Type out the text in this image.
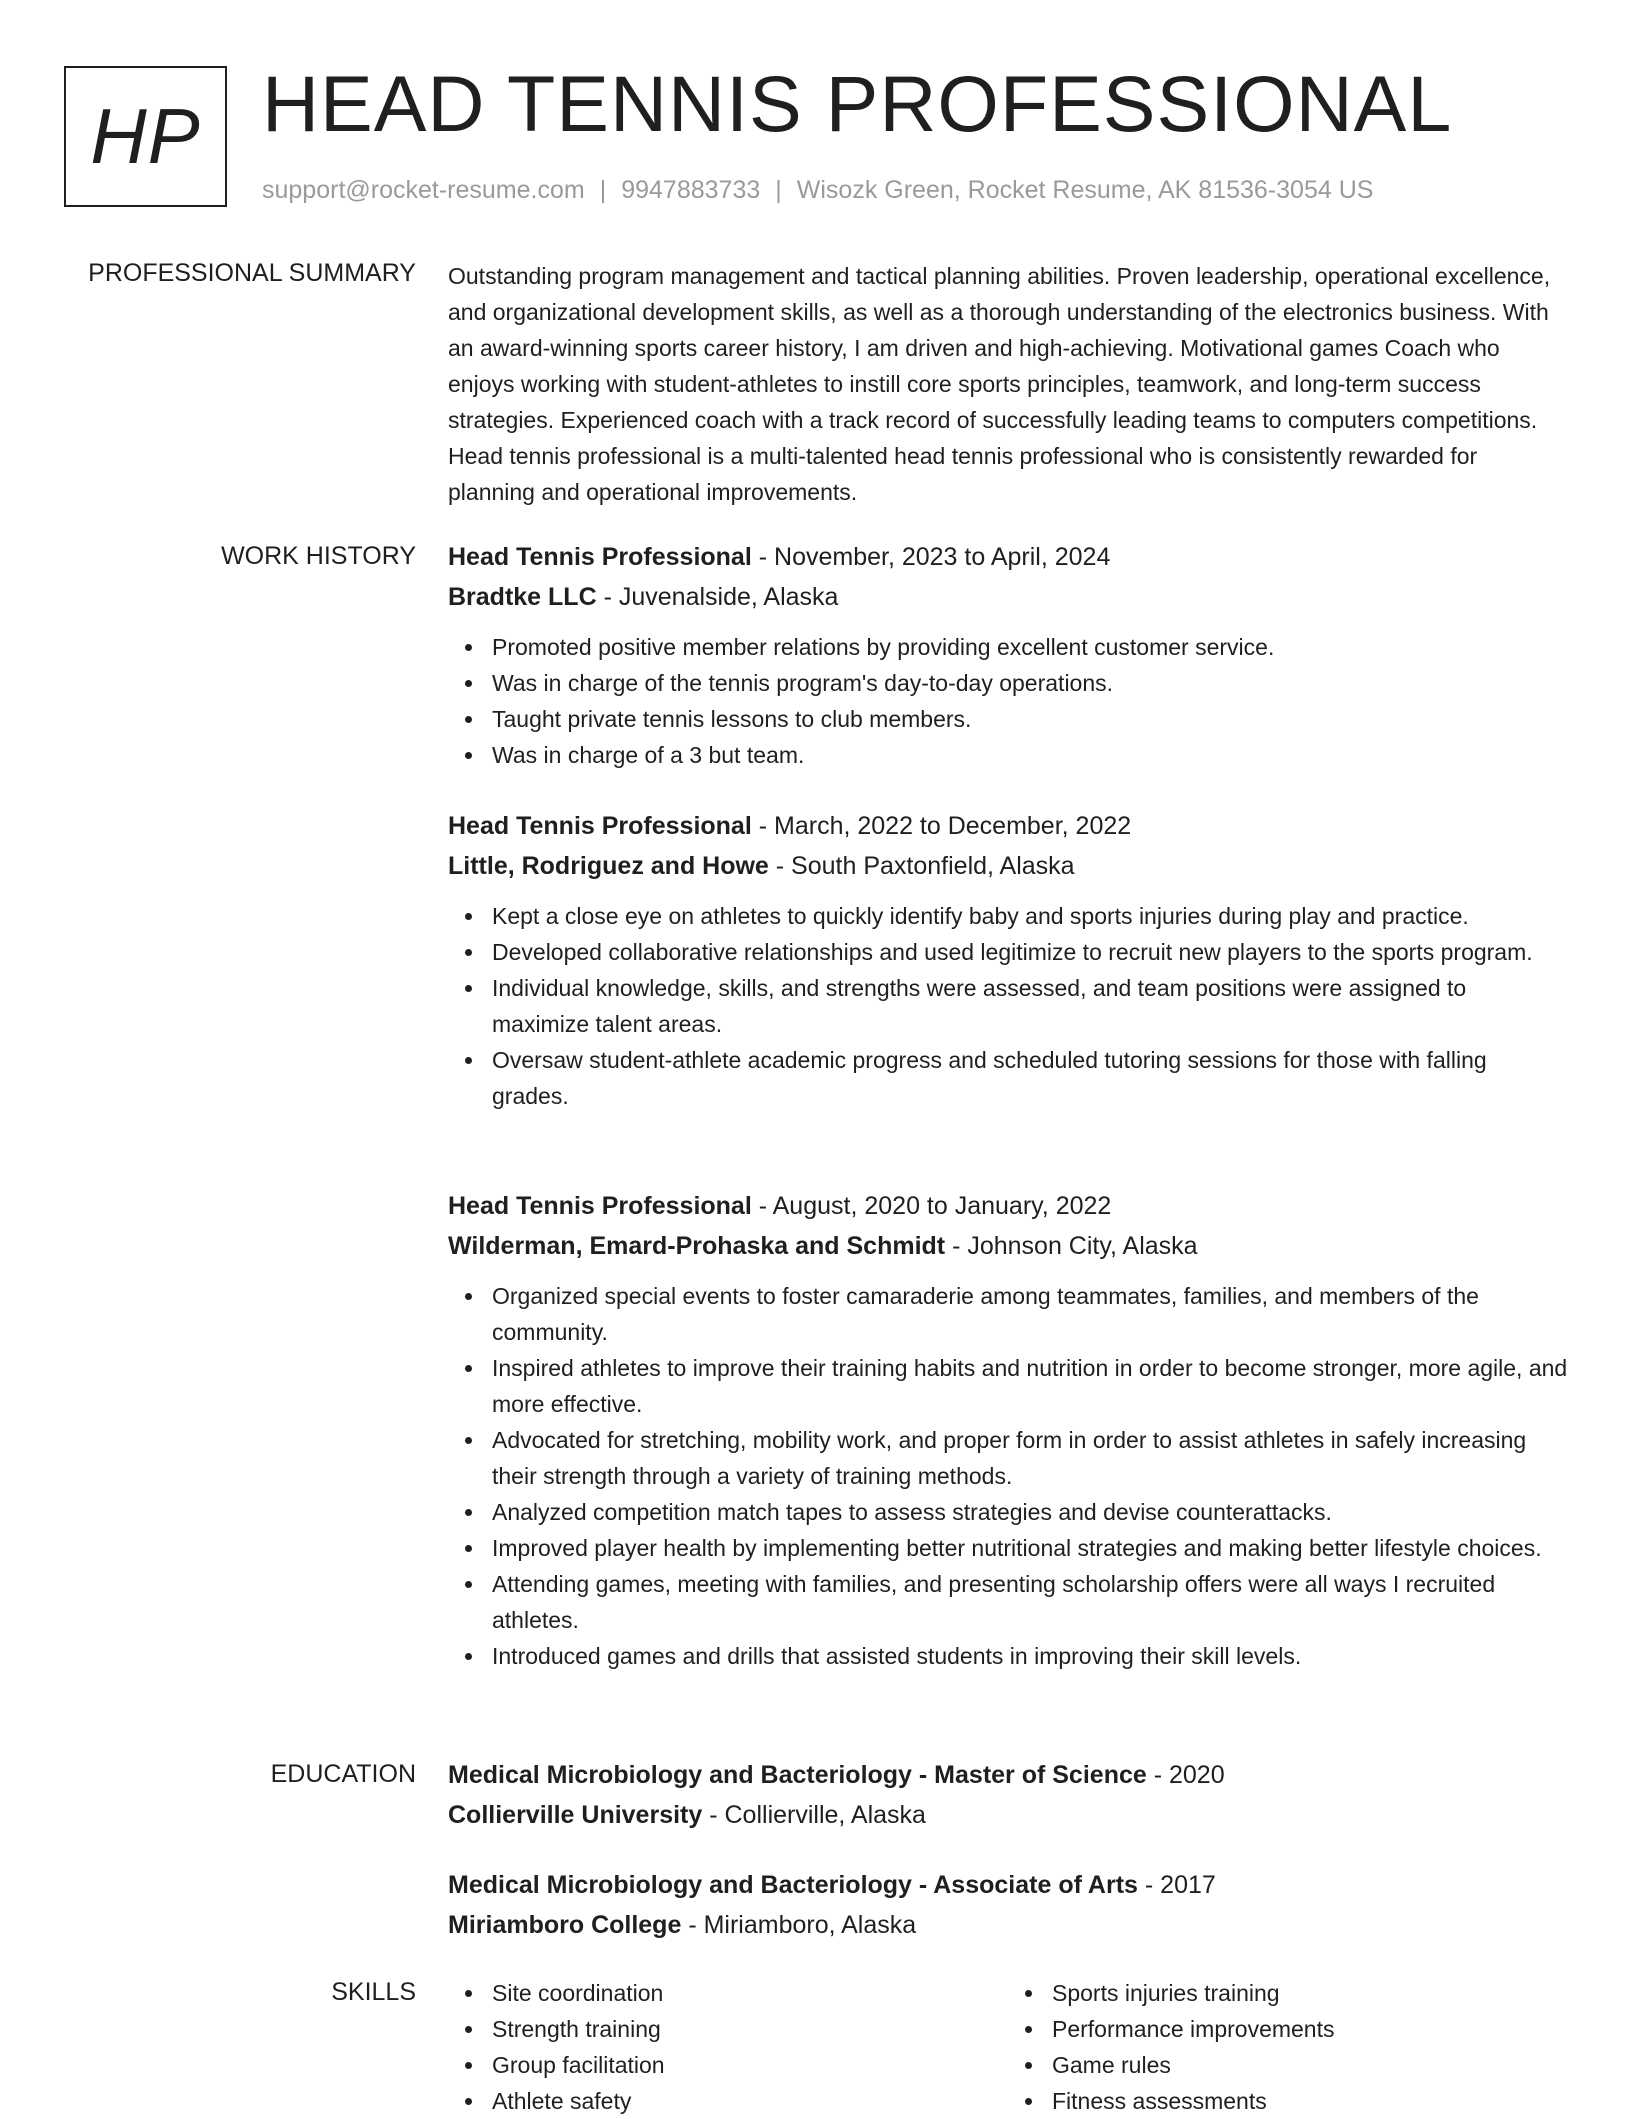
HP HEAD TENNIS PROFESSIONAL
support@rocket-resume.com | 9947883733 | Wisozk Green, Rocket Resume, AK 81536-3054 US
PROFESSIONAL SUMMARY Outstanding program management and tactical planning abilities. Proven leadership, operational excellence, and organizational development skills, as well as a thorough understanding of the electronics business. With an award-winning sports career history, I am driven and high-achieving. Motivational games Coach who enjoys working with student-athletes to instill core sports principles, teamwork, and long-term success strategies. Experienced coach with a track record of successfully leading teams to computers competitions. Head tennis professional is a multi-talented head tennis professional who is consistently rewarded for planning and operational improvements.
WORK HISTORY Head Tennis Professional - November, 2023 to April, 2024

Bradtke LLC - Juvenalside, Alaska

Promoted positive member relations by providing excellent customer service.
Was in charge of the tennis program's day-to-day operations.
Taught private tennis lessons to club members.
Was in charge of a 3 but team.

Head Tennis Professional - March, 2022 to December, 2022

Little, Rodriguez and Howe - South Paxtonfield, Alaska

Kept a close eye on athletes to quickly identify baby and sports injuries during play and practice.
Developed collaborative relationships and used legitimize to recruit new players to the sports program.
Individual knowledge, skills, and strengths were assessed, and team positions were assigned to maximize talent areas.
Oversaw student-athlete academic progress and scheduled tutoring sessions for those with falling grades.

Head Tennis Professional - August, 2020 to January, 2022

Wilderman, Emard-Prohaska and Schmidt - Johnson City, Alaska

Organized special events to foster camaraderie among teammates, families, and members of the community.
Inspired athletes to improve their training habits and nutrition in order to become stronger, more agile, and more effective.
Advocated for stretching, mobility work, and proper form in order to assist athletes in safely increasing their strength through a variety of training methods.
Analyzed competition match tapes to assess strategies and devise counterattacks.
Improved player health by implementing better nutritional strategies and making better lifestyle choices.
Attending games, meeting with families, and presenting scholarship offers were all ways I recruited athletes.
Introduced games and drills that assisted students in improving their skill levels.
EDUCATION Medical Microbiology and Bacteriology - Master of Science - 2020

Collierville University - Collierville, Alaska

Medical Microbiology and Bacteriology - Associate of Arts - 2017

Miriamboro College - Miriamboro, Alaska

SKILLS	Site coordination
Strength training
Group facilitation
Athlete safety
Sports injuries training
Performance improvements
Game rules
Fitness assessments
